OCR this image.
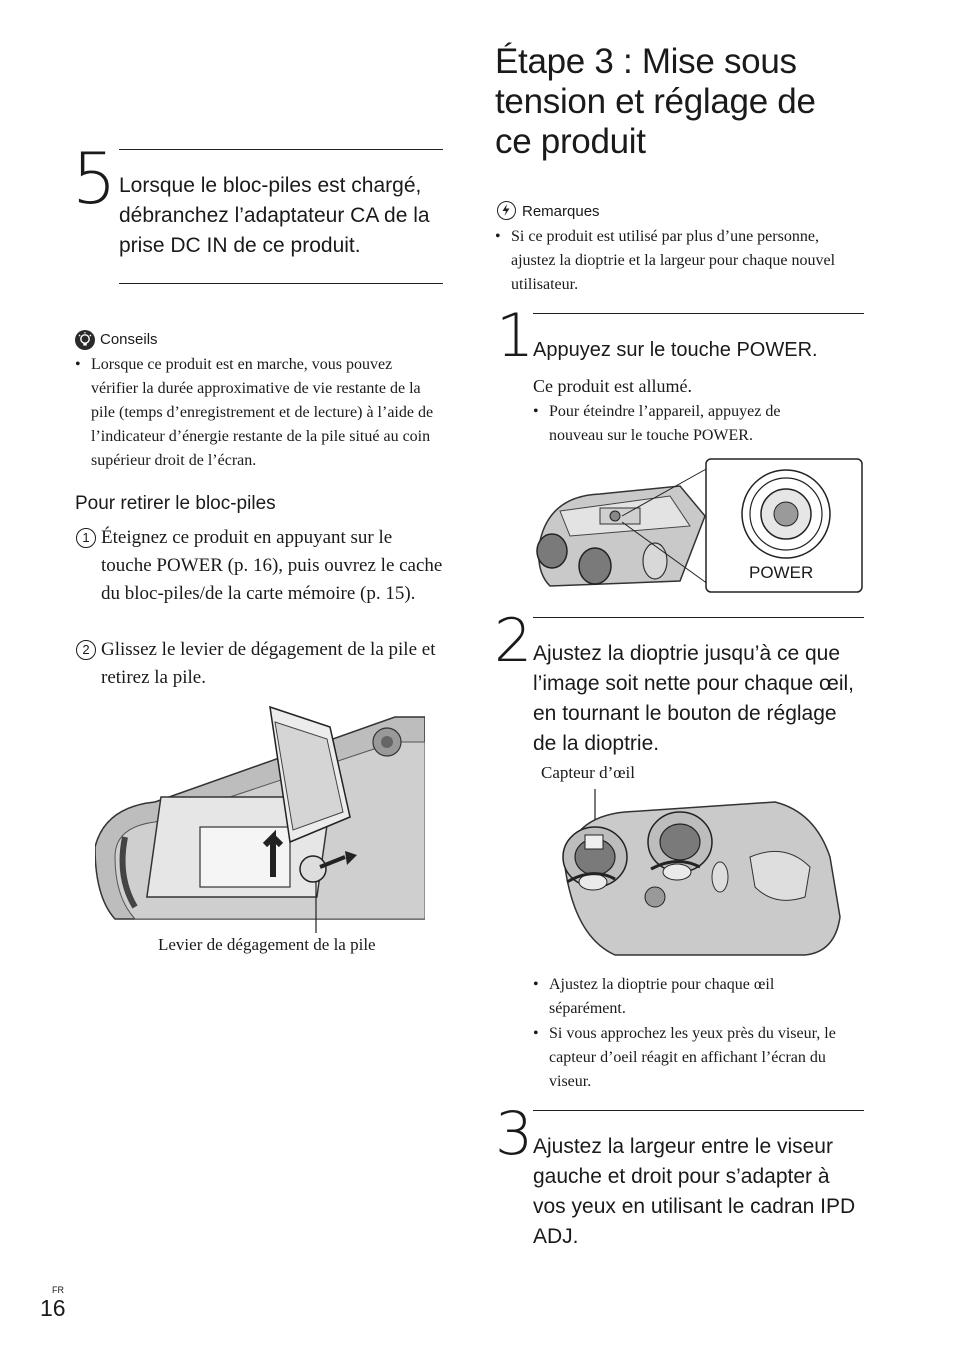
5 Lorsque le bloc-piles est chargé, débranchez l’adaptateur CA de la prise DC IN de ce produit.
Conseils
• Lorsque ce produit est en marche, vous pouvez vérifier la durée approximative de vie restante de la pile (temps d’enregistrement et de lecture) à l’aide de l’indicateur d’énergie restante de la pile situé au coin supérieur droit de l’écran.
Pour retirer le bloc-piles
1 Éteignez ce produit en appuyant sur le touche POWER (p. 16), puis ouvrez le cache du bloc-piles/de la carte mémoire (p. 15).
2 Glissez le levier de dégagement de la pile et retirez la pile.
Levier de dégagement de la pile
Étape 3 : Mise sous tension et réglage de ce produit
Remarques
• Si ce produit est utilisé par plus d’une personne, ajustez la dioptrie et la largeur pour chaque nouvel utilisateur.
1
Appuyez sur le touche POWER.
Ce produit est allumé.
• Pour éteindre l’appareil, appuyez de nouveau sur le touche POWER.
POWER
2 Ajustez la dioptrie jusqu’à ce que l’image soit nette pour chaque œil, en tournant le bouton de réglage de la dioptrie.
Capteur d’œil
• Ajustez la dioptrie pour chaque œil séparément.
• Si vous approchez les yeux près du viseur, le capteur d’oeil réagit en affichant l’écran du viseur.
3 Ajustez la largeur entre le viseur gauche et droit pour s’adapter à vos yeux en utilisant le cadran IPD ADJ.
FR
16
